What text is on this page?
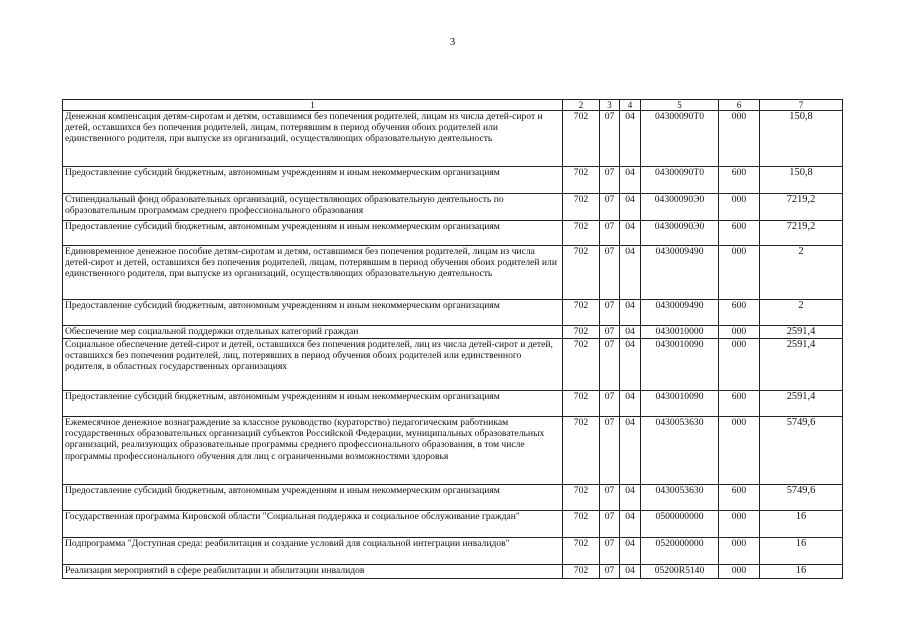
3
1	2	3	4	5	6	7
Денежная компенсация детям-сиротам и детям, оставшимся без попечения родителей, лицам из числа детей-сирот и детей, оставшихся без попечения родителей, лицам, потерявшим в период обучения обоих родителей или единственного родителя, при выпуске из организаций, осуществляющих образовательную деятельность	702	07	04	04300090Т0	000	150,8
Предоставление субсидий бюджетным, автономным учреждениям и иным некоммерческим организациям	702	07	04	04300090Т0	600	150,8
Стипендиальный фонд образовательных организаций, осуществляющих образовательную деятельность по образовательным программам среднего профессионального образования	702	07	04	04300090Э0	000	7219,2
Предоставление субсидий бюджетным, автономным учреждениям и иным некоммерческим организациям	702	07	04	04300090Э0	600	7219,2
Единовременное денежное пособие детям-сиротам и детям, оставшимся без попечения родителей, лицам из числа детей-сирот и детей, оставшихся без попечения родителей, лицам, потерявшим в период обучения обоих родителей или единственного родителя, при выпуске из организаций, осуществляющих образовательную деятельность	702	07	04	0430009490	000	2
Предоставление субсидий бюджетным, автономным учреждениям и иным некоммерческим организациям	702	07	04	0430009490	600	2
Обеспечение мер социальной поддержки отдельных категорий граждан	702	07	04	0430010000	000	2591,4
Социальное обеспечение детей-сирот и детей, оставшихся без попечения родителей, лиц из числа детей-сирот и детей, оставшихся без попечения родителей, лиц, потерявших в период обучения обоих родителей или единственного родителя, в областных государственных организациях	702	07	04	0430010090	000	2591,4
Предоставление субсидий бюджетным, автономным учреждениям и иным некоммерческим организациям	702	07	04	0430010090	600	2591,4
Ежемесячное денежное вознаграждение за классное руководство (кураторство) педагогическим работникам государственных образовательных организаций субъектов Российской Федерации, муниципальных образовательных организаций, реализующих образовательные программы среднего профессионального образования, в том числе программы профессионального обучения для лиц с ограниченными возможностями здоровья	702	07	04	0430053630	000	5749,6
Предоставление субсидий бюджетным, автономным учреждениям и иным некоммерческим организациям	702	07	04	0430053630	600	5749,6
Государственная программа Кировской области "Социальная поддержка и социальное обслуживание граждан"	702	07	04	0500000000	000	16
Подпрограмма "Доступная среда: реабилитация и создание условий для социальной интеграции инвалидов"	702	07	04	0520000000	000	16
Реализация мероприятий в сфере реабилитации и абилитации инвалидов	702	07	04	05200R5140	000	16
